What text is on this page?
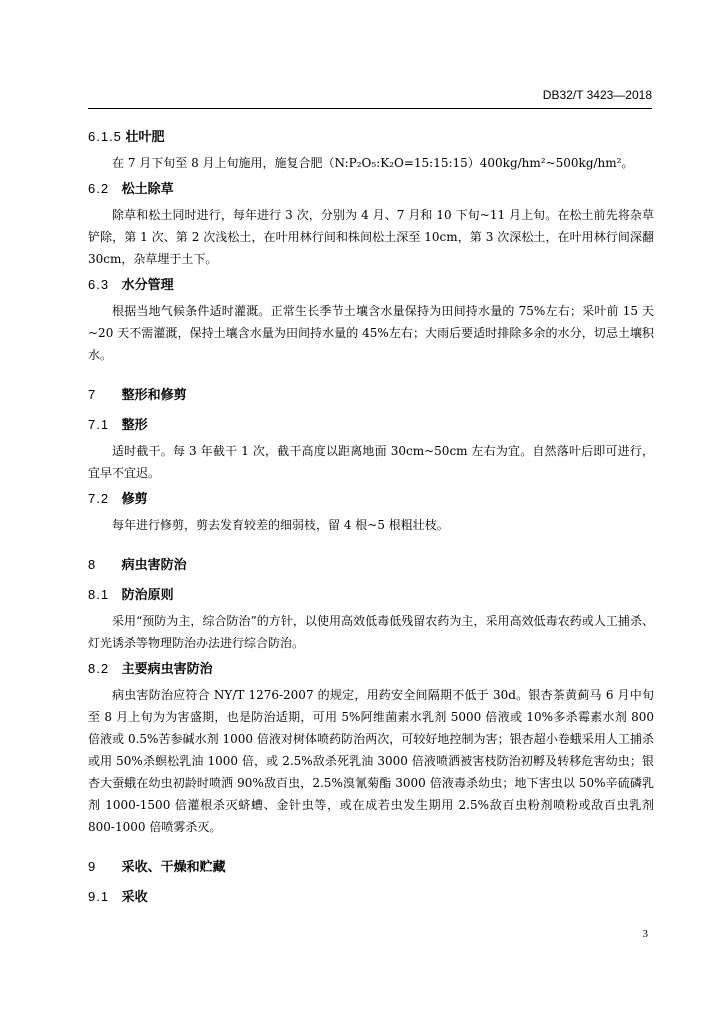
DB32/T 3423—2018
6.1.5 壮叶肥

在 7 月下旬至 8 月上旬施用，施复合肥（N:P₂O₅:K₂O=15:15:15）400kg/hm²~500kg/hm²。

6.2 松土除草

除草和松土同时进行，每年进行 3 次，分别为 4 月、7 月和 10 下旬~11 月上旬。在松土前先将杂草铲除，第 1 次、第 2 次浅松土，在叶用林行间和株间松土深至 10cm，第 3 次深松土，在叶用林行间深翻 30cm，杂草埋于土下。

6.3 水分管理

根据当地气候条件适时灌溉。正常生长季节土壤含水量保持为田间持水量的 75%左右；采叶前 15 天~20 天不需灌溉，保持土壤含水量为田间持水量的 45%左右；大雨后要适时排除多余的水分，切忌土壤积水。

7 整形和修剪
7.1 整形

适时截干。每 3 年截干 1 次，截干高度以距离地面 30cm~50cm 左右为宜。自然落叶后即可进行，宜早不宜迟。

7.2 修剪

每年进行修剪，剪去发育较差的细弱枝，留 4 根~5 根粗壮枝。

8 病虫害防治
8.1 防治原则

采用“预防为主，综合防治”的方针，以使用高效低毒低残留农药为主，采用高效低毒农药或人工捕杀、灯光诱杀等物理防治办法进行综合防治。

8.2 主要病虫害防治

病虫害防治应符合 NY/T 1276-2007 的规定，用药安全间隔期不低于 30d。银杏茶黄蓟马 6 月中旬至 8 月上旬为为害盛期，也是防治适期，可用 5%阿维菌素水乳剂 5000 倍液或 10%多杀霉素水剂 800 倍液或 0.5%苦参碱水剂 1000 倍液对树体喷药防治两次，可较好地控制为害；银杏超小卷蛾采用人工捕杀或用 50%杀螟松乳油 1000 倍，或 2.5%敌杀死乳油 3000 倍液喷洒被害枝防治初孵及转移危害幼虫；银杏大蚕蛾在幼虫初龄时喷洒 90%敌百虫，2.5%溴氰菊酯 3000 倍液毒杀幼虫；地下害虫以 50%辛硫磷乳剂 1000-1500 倍灌根杀灭蛴螬、金针虫等，或在成若虫发生期用 2.5%敌百虫粉剂喷粉或敌百虫乳剂 800-1000 倍喷雾杀灭。

9 采收、干燥和贮藏
9.1 采收
3
